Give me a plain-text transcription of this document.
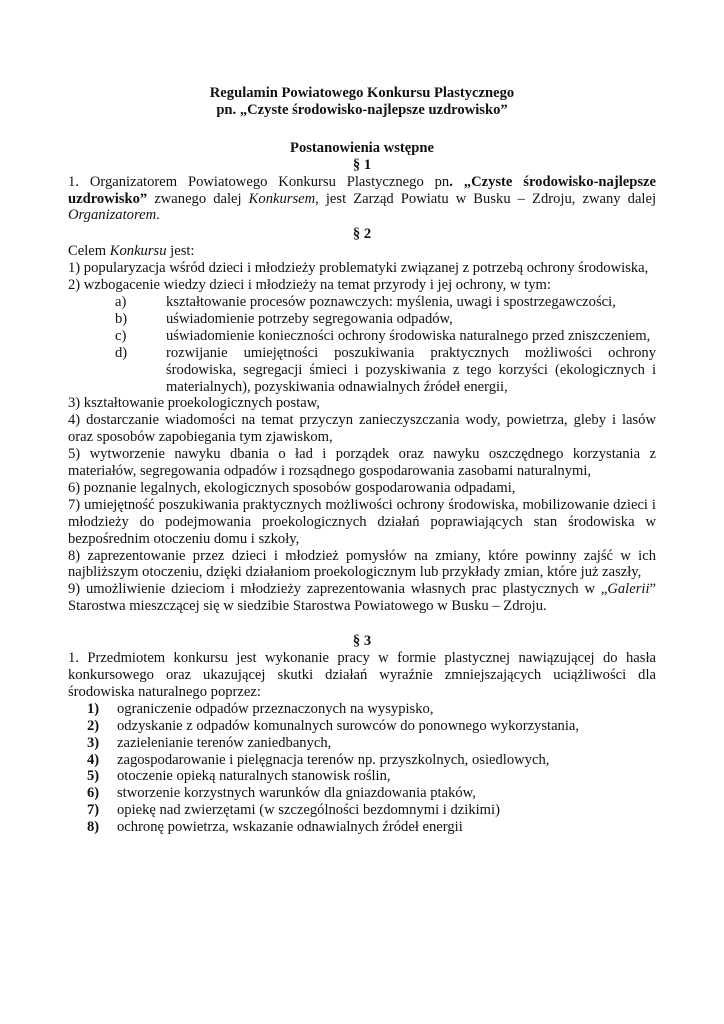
Regulamin Powiatowego Konkursu Plastycznego

pn. „Czyste środowisko-najlepsze uzdrowisko”

Postanowienia wstępne

§ 1

1. Organizatorem Powiatowego Konkursu Plastycznego pn. „Czyste środowisko-najlepsze uzdrowisko” zwanego dalej Konkursem, jest Zarząd Powiatu w Busku – Zdroju, zwany dalej Organizatorem.

§ 2

Celem Konkursu jest:

1) popularyzacja wśród dzieci i młodzieży problematyki związanej z potrzebą ochrony środowiska,

2) wzbogacenie wiedzy dzieci i młodzieży na temat przyrody i jej ochrony, w tym:

a)	kształtowanie procesów poznawczych: myślenia, uwagi i spostrzegawczości,
b)	uświadomienie potrzeby segregowania odpadów,
c)	uświadomienie konieczności ochrony środowiska naturalnego przed zniszczeniem,
d)	rozwijanie umiejętności poszukiwania praktycznych możliwości ochrony środowiska, segregacji śmieci i pozyskiwania z tego korzyści (ekologicznych i materialnych), pozyskiwania odnawialnych źródeł energii,

3) kształtowanie proekologicznych postaw,

4) dostarczanie wiadomości na temat przyczyn zanieczyszczania wody, powietrza, gleby i lasów oraz sposobów zapobiegania tym zjawiskom,

5) wytworzenie nawyku dbania o ład i porządek oraz nawyku oszczędnego korzystania z materiałów, segregowania odpadów i rozsądnego gospodarowania zasobami naturalnymi,

6) poznanie legalnych, ekologicznych sposobów gospodarowania odpadami,

7) umiejętność poszukiwania praktycznych możliwości ochrony środowiska, mobilizowanie dzieci i młodzieży do podejmowania proekologicznych działań poprawiających stan środowiska w bezpośrednim otoczeniu domu i szkoły,

8) zaprezentowanie przez dzieci i młodzież pomysłów na zmiany, które powinny zajść w ich najbliższym otoczeniu, dzięki działaniom proekologicznym lub przykłady zmian, które już zaszły,

9) umożliwienie dzieciom i młodzieży zaprezentowania własnych prac plastycznych w „Galerii” Starostwa mieszczącej się w siedzibie Starostwa Powiatowego w Busku – Zdroju.

§ 3

1. Przedmiotem konkursu jest wykonanie pracy w formie plastycznej nawiązującej do hasła konkursowego oraz ukazującej skutki działań wyraźnie zmniejszających uciążliwości dla środowiska naturalnego poprzez:

1)	ograniczenie odpadów przeznaczonych na wysypisko,
2)	odzyskanie z odpadów komunalnych surowców do ponownego wykorzystania,
3)	zazielenianie terenów zaniedbanych,
4)	zagospodarowanie i pielęgnacja terenów np. przyszkolnych, osiedlowych,
5)	otoczenie opieką naturalnych stanowisk roślin,
6)	stworzenie korzystnych warunków dla gniazdowania ptaków,
7)	opiekę nad zwierzętami (w szczególności bezdomnymi i dzikimi)
8)	ochronę powietrza, wskazanie odnawialnych źródeł energii
